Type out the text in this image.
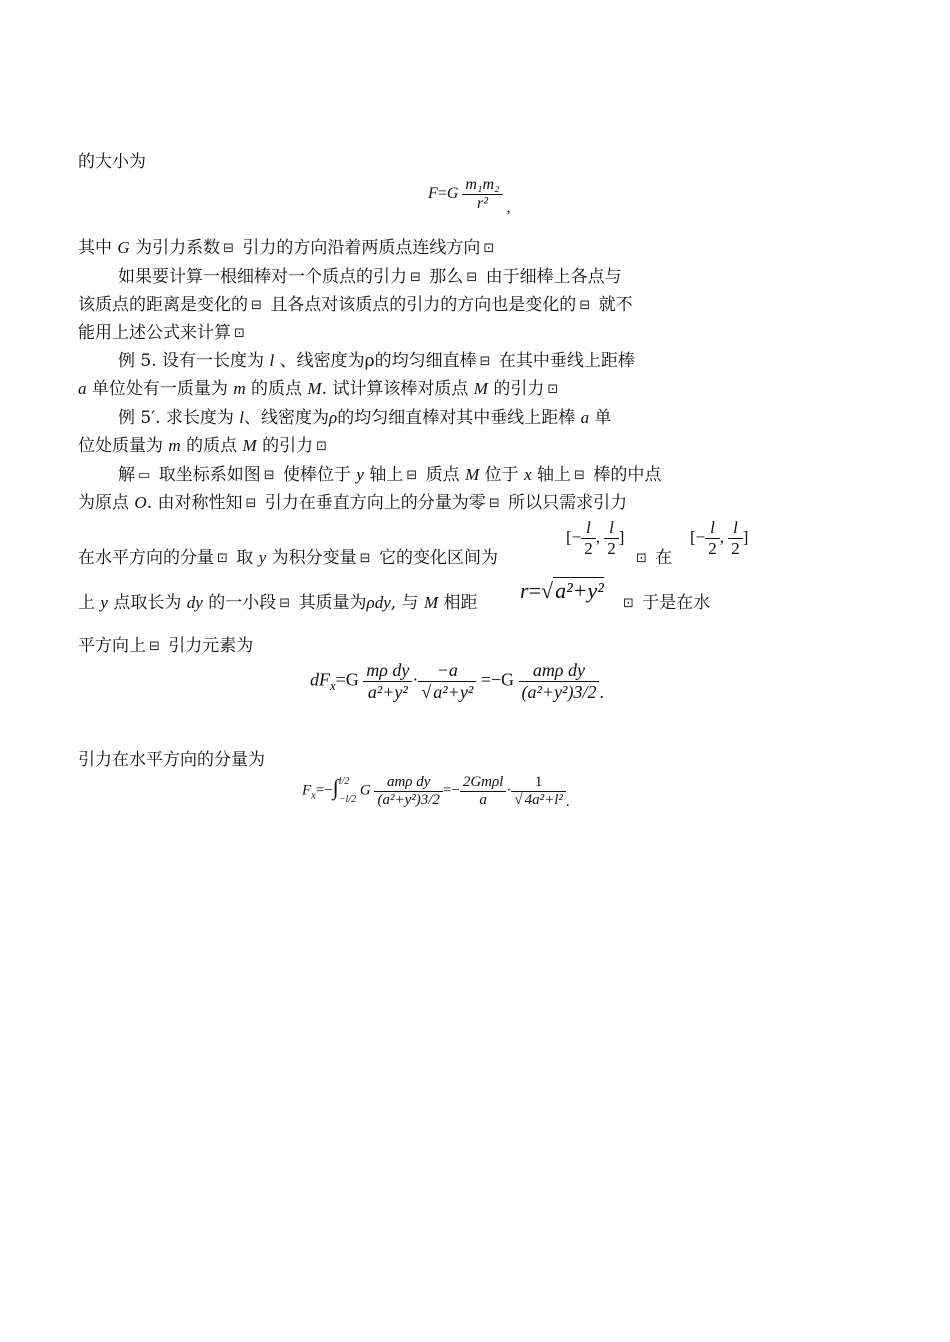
的大小为
$F=G \frac{\text{m₁m₂}}{\text{r²}}$ ,
其中 G 为引力系数 ⊟ 引力的方向沿着两质点连线方向 ⊡
如果要计算一根细棒对一个质点的引力 ⊟ 那么 ⊟ 由于细棒上各点与
该质点的距离是变化的 ⊟ 且各点对该质点的引力的方向也是变化的 ⊟ 就不
能用上述公式来计算 ⊡
例 5. 设有一长度为 l 、线密度为ρ的均匀细直棒 ⊟ 在其中垂线上距棒
a 单位处有一质量为 m 的质点 M. 试计算该棒对质点 M 的引力 ⊡
例 5′. 求长度为 l、线密度为ρ的均匀细直棒对其中垂线上距棒 a 单
位处质量为 m 的质点 M 的引力 ⊡
解 ▭ 取坐标系如图 ⊟ 使棒位于 y 轴上 ⊟ 质点 M 位于 x 轴上 ⊟ 棒的中点
为原点 O. 由对称性知 ⊟ 引力在垂直方向上的分量为零 ⊟ 所以只需求引力
在水平方向的分量 ⊡ 取 y 为积分变量 ⊟ 它的变化区间为
[− $\frac{l}{2}$ , $\frac{l}{2}$ ]
⊡ 在
[− $\frac{l}{2}$ , $\frac{l}{2}$ ]
上 y 点取长为 dy 的一小段 ⊟ 其质量为ρdy, 与 M 相距 r=√a²+y²
⊡ 于是在水
平方向上 ⊟ 引力元素为
$dF_x=G \frac{\text{mρ dy}}{\text{a²+y²}} \cdot \frac{-a}{\text{√ a²+y²}} =-G \frac{\text{amρ dy}}{\text{(a²+y²)3/2}}$ .
引力在水平方向的分量为
$F_x=-\int$ l/2
−l/2
G $\frac{\text{amρ dy}}{\text{(a²+y²)3/2}} =- \frac{\text{2Gmρl}}{a} \cdot \frac{1}{\text{√ 4a²+l²}}$ .
